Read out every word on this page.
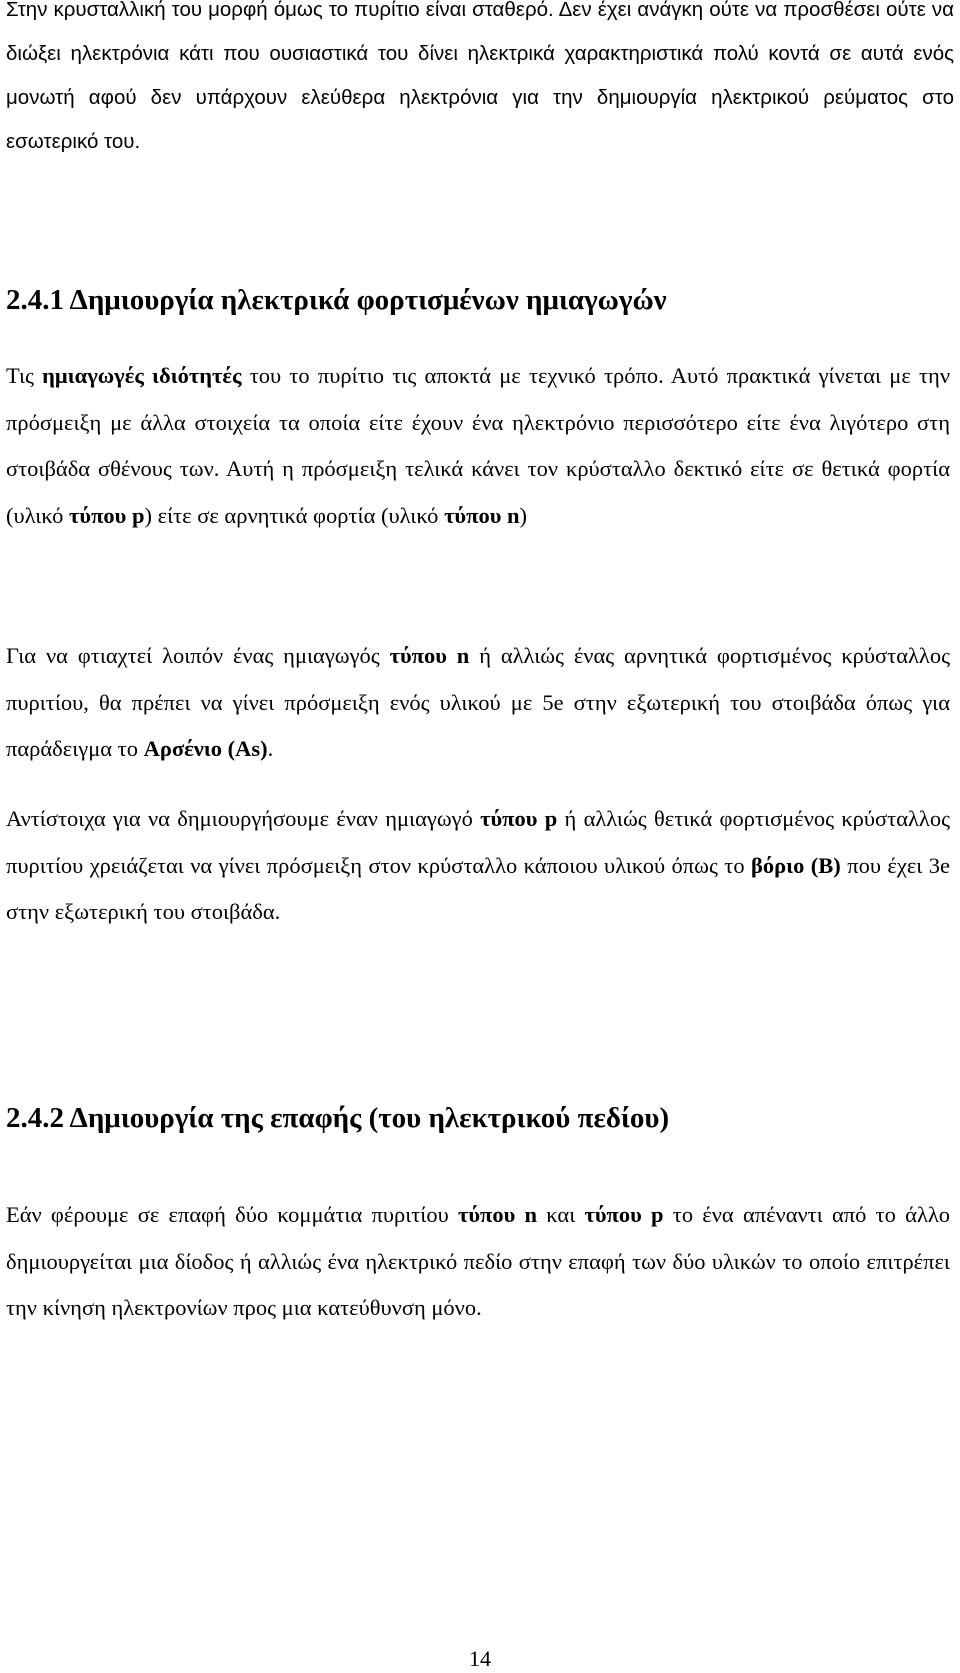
Στην κρυσταλλική του μορφή όμως το πυρίτιο είναι σταθερό. Δεν έχει ανάγκη ούτε να προσθέσει ούτε να διώξει ηλεκτρόνια κάτι που ουσιαστικά του δίνει ηλεκτρικά χαρακτηριστικά πολύ κοντά σε αυτά ενός μονωτή αφού δεν υπάρχουν ελεύθερα ηλεκτρόνια για την δημιουργία ηλεκτρικού ρεύματος στο εσωτερικό του.

2.4.1 Δημιουργία ηλεκτρικά φορτισμένων ημιαγωγών

Τις ημιαγωγές ιδιότητές του το πυρίτιο τις αποκτά με τεχνικό τρόπο. Αυτό πρακτικά γίνεται με την πρόσμειξη με άλλα στοιχεία τα οποία είτε έχουν ένα ηλεκτρόνιο περισσότερο είτε ένα λιγότερο στη στοιβάδα σθένους των. Αυτή η πρόσμειξη τελικά κάνει τον κρύσταλλο δεκτικό είτε σε θετικά φορτία (υλικό τύπου p) είτε σε αρνητικά φορτία (υλικό τύπου n)

Για να φτιαχτεί λοιπόν ένας ημιαγωγός τύπου n ή αλλιώς ένας αρνητικά φορτισμένος κρύσταλλος πυριτίου, θα πρέπει να γίνει πρόσμειξη ενός υλικού με 5e στην εξωτερική του στοιβάδα όπως για παράδειγμα το Αρσένιο (As).

Αντίστοιχα για να δημιουργήσουμε έναν ημιαγωγό τύπου p ή αλλιώς θετικά φορτισμένος κρύσταλλος πυριτίου χρειάζεται να γίνει πρόσμειξη στον κρύσταλλο κάποιου υλικού όπως το βόριο (Β) που έχει 3e στην εξωτερική του στοιβάδα.

2.4.2 Δημιουργία της επαφής (του ηλεκτρικού πεδίου)

Εάν φέρουμε σε επαφή δύο κομμάτια πυριτίου τύπου n και τύπου p το ένα απέναντι από το άλλο δημιουργείται μια δίοδος ή αλλιώς ένα ηλεκτρικό πεδίο στην επαφή των δύο υλικών το οποίο επιτρέπει την κίνηση ηλεκτρονίων προς μια κατεύθυνση μόνο.

14
